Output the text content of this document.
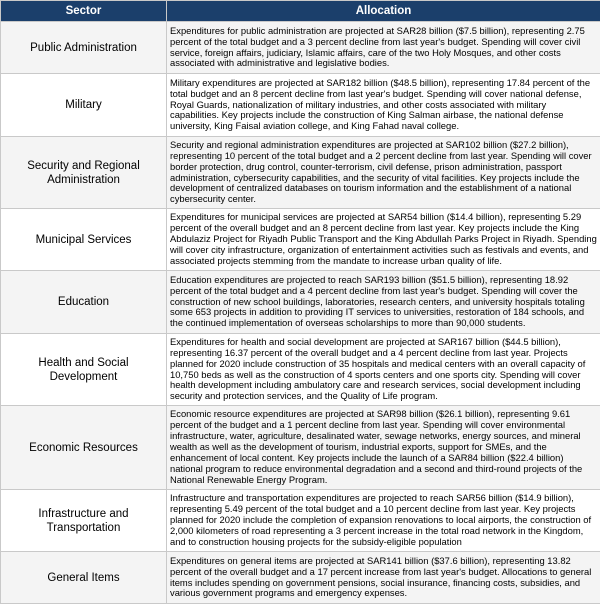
Sector	Allocation
Public Administration	Expenditures for public administration are projected at SAR28 billion ($7.5 billion), representing 2.75 percent of the total budget and a 3 percent decline from last year's budget. Spending will cover civil service, foreign affairs, judiciary, Islamic affairs, care of the two Holy Mosques, and other costs associated with administrative and legislative bodies.
Military	Military expenditures are projected at SAR182 billion ($48.5 billion), representing 17.84 percent of the total budget and an 8 percent decline from last year's budget. Spending will cover national defense, Royal Guards, nationalization of military industries, and other costs associated with military capabilities. Key projects include the construction of King Salman airbase, the national defense university, King Faisal aviation college, and King Fahad naval college.
Security and Regional Administration	Security and regional administration expenditures are projected at SAR102 billion ($27.2 billion), representing 10 percent of the total budget and a 2 percent decline from last year. Spending will cover border protection, drug control, counter-terrorism, civil defense, prison administration, passport administration, cybersecurity capabilities, and the security of vital facilities. Key projects include the development of centralized databases on tourism information and the establishment of a national cybersecurity center.
Municipal Services	Expenditures for municipal services are projected at SAR54 billion ($14.4 billion), representing 5.29 percent of the overall budget and an 8 percent decline from last year. Key projects include the King Abdulaziz Project for Riyadh Public Transport and the King Abdullah Parks Project in Riyadh. Spending will cover city infrastructure, organization of entertainment activities such as festivals and events, and associated projects stemming from the mandate to increase urban quality of life.
Education	Education expenditures are projected to reach SAR193 billion ($51.5 billion), representing 18.92 percent of the total budget and a 4 percent decline from last year's budget. Spending will cover the construction of new school buildings, laboratories, research centers, and university hospitals totaling some 653 projects in addition to providing IT services to universities, restoration of 184 schools, and the continued implementation of overseas scholarships to more than 90,000 students.
Health and Social Development	Expenditures for health and social development are projected at SAR167 billion ($44.5 billion), representing 16.37 percent of the overall budget and a 4 percent decline from last year. Projects planned for 2020 include construction of 35 hospitals and medical centers with an overall capacity of 10,750 beds as well as the construction of 4 sports centers and one sports city. Spending will cover health development including ambulatory care and research services, social development including security and protection services, and the Quality of Life program.
Economic Resources	Economic resource expenditures are projected at SAR98 billion ($26.1 billion), representing 9.61 percent of the budget and a 1 percent decline from last year. Spending will cover environmental infrastructure, water, agriculture, desalinated water, sewage networks, energy sources, and mineral wealth as well as the development of tourism, industrial exports, support for SMEs, and the enhancement of local content. Key projects include the launch of a SAR84 billion ($22.4 billion) national program to reduce environmental degradation and a second and third-round projects of the National Renewable Energy Program.
Infrastructure and Transportation	Infrastructure and transportation expenditures are projected to reach SAR56 billion ($14.9 billion), representing 5.49 percent of the total budget and a 10 percent decline from last year. Key projects planned for 2020 include the completion of expansion renovations to local airports, the construction of 2,000 kilometers of road representing a 3 percent increase in the total road network in the Kingdom, and to construction housing projects for the subsidy-eligible population
General Items	Expenditures on general items are projected at SAR141 billion ($37.6 billion), representing 13.82 percent of the overall budget and a 17 percent increase from last year's budget. Allocations to general items includes spending on government pensions, social insurance, financing costs, subsidies, and various government programs and emergency expenses.
